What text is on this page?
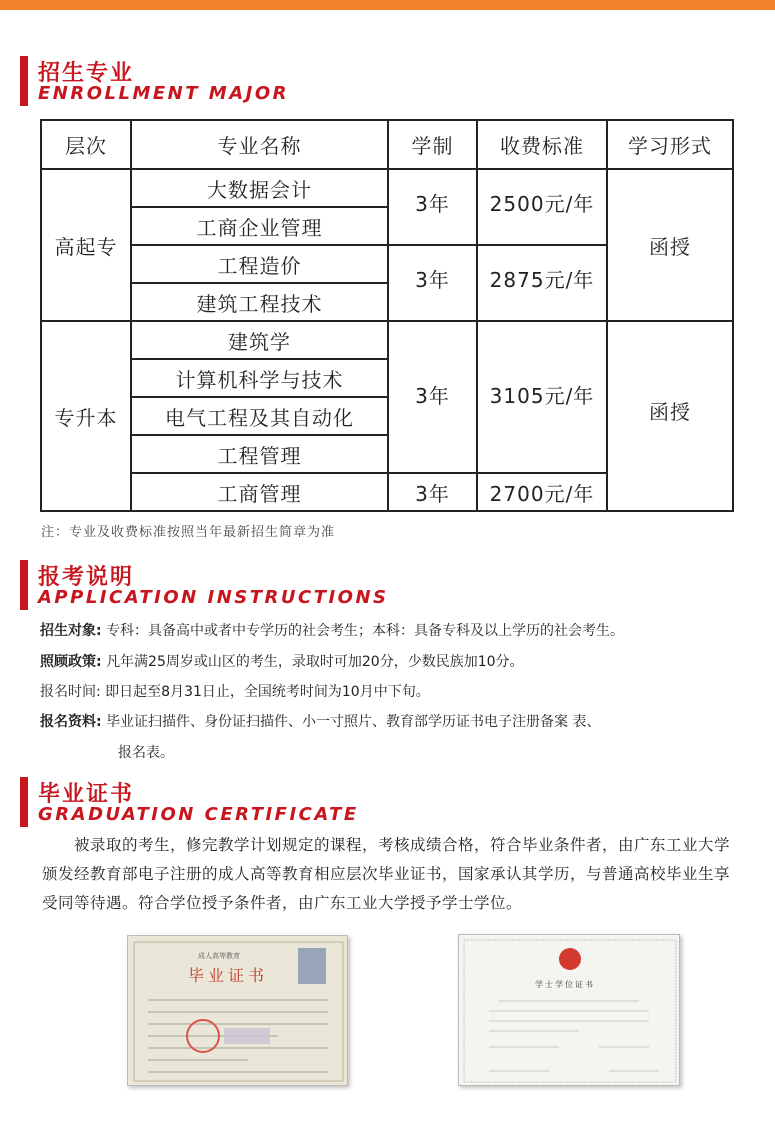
招生专业
ENROLLMENT MAJOR
层次	专业名称	学制	收费标准	学习形式
高起专	大数据会计	3年	2500元/年	函授
	工商企业管理			
	工程造价	3年	2875元/年	
	建筑工程技术			
专升本	建筑学	3年	3105元/年	函授
	计算机科学与技术			
	电气工程及其自动化			
	工程管理			
	工商管理	3年	2700元/年	
注：专业及收费标准按照当年最新招生简章为准
报考说明
APPLICATION INSTRUCTIONS
招生对象: 专科：具备高中或者中专学历的社会考生；本科：具备专科及以上学历的社会考生。
照顾政策: 凡年满25周岁或山区的考生，录取时可加20分，少数民族加10分。
报名时间: 即日起至8月31日止，全国统考时间为10月中下旬。
报名资料: 毕业证扫描件、身份证扫描件、小一寸照片、教育部学历证书电子注册备案 表、
报名表。
毕业证书
GRADUATION CERTIFICATE
被录取的考生，修完教学计划规定的课程，考核成绩合格，符合毕业条件者，由广东工业大学颁发经教育部电子注册的成人高等教育相应层次毕业证书，国家承认其学历，与普通高校毕业生享受同等待遇。符合学位授予条件者，由广东工业大学授予学士学位。
成人高等教育
毕业证书	学士学位证书
